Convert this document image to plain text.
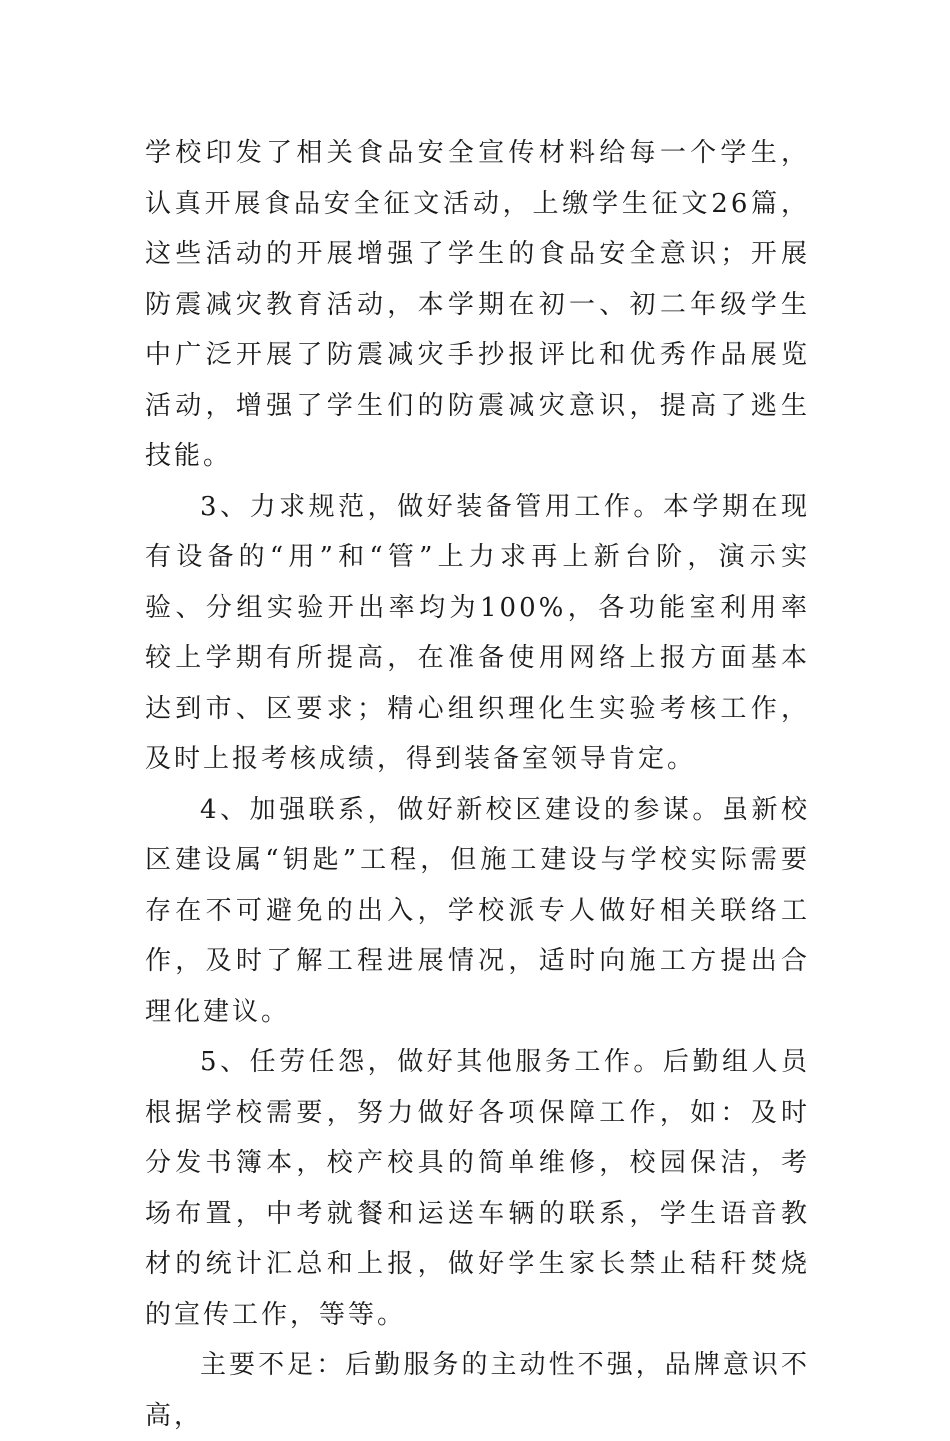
学校印发了相关食品安全宣传材料给每一个学生，认真开展食品安全征文活动，上缴学生征文26篇，这些活动的开展增强了学生的食品安全意识；开展防震减灾教育活动，本学期在初一、初二年级学生中广泛开展了防震减灾手抄报评比和优秀作品展览活动，增强了学生们的防震减灾意识，提高了逃生技能。

3、力求规范，做好装备管用工作。本学期在现有设备的“用”和“管”上力求再上新台阶，演示实验、分组实验开出率均为100%，各功能室利用率较上学期有所提高，在准备使用网络上报方面基本达到市、区要求；精心组织理化生实验考核工作，及时上报考核成绩，得到装备室领导肯定。

4、加强联系，做好新校区建设的参谋。虽新校区建设属“钥匙”工程，但施工建设与学校实际需要存在不可避免的出入，学校派专人做好相关联络工作，及时了解工程进展情况，适时向施工方提出合理化建议。

5、任劳任怨，做好其他服务工作。后勤组人员根据学校需要，努力做好各项保障工作，如：及时分发书簿本，校产校具的简单维修，校园保洁，考场布置，中考就餐和运送车辆的联系，学生语音教材的统计汇总和上报，做好学生家长禁止秸秆焚烧的宣传工作，等等。

主要不足：后勤服务的主动性不强，品牌意识不高，
